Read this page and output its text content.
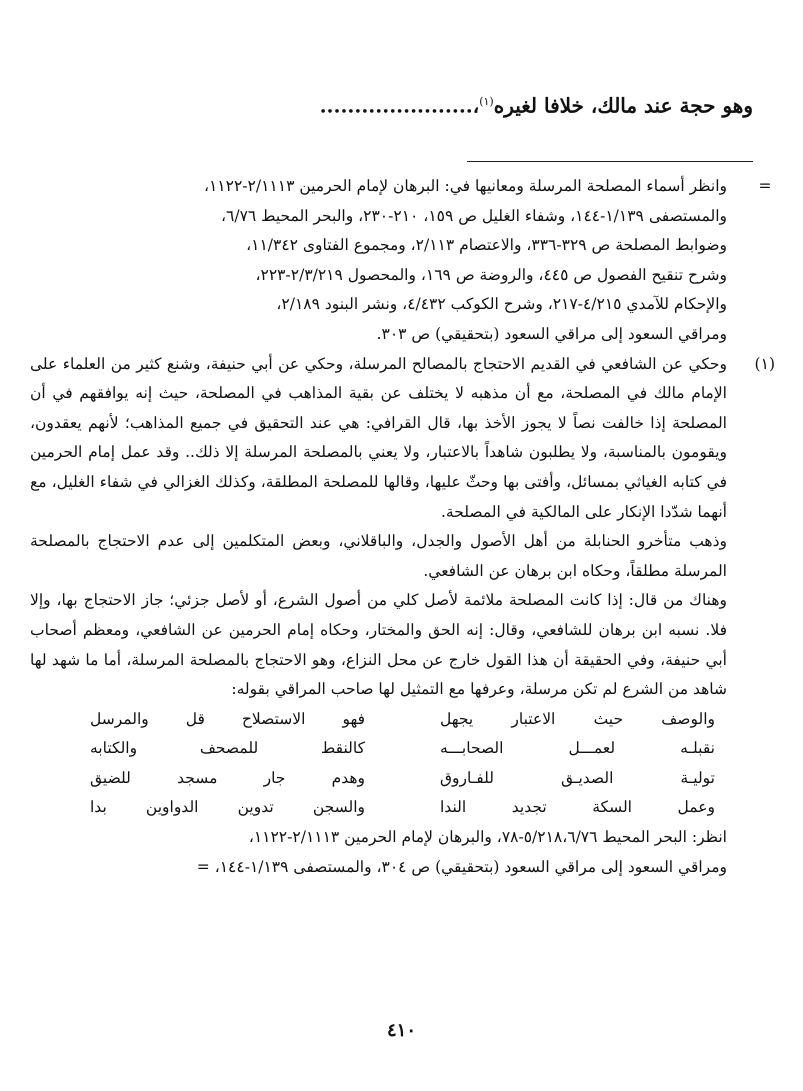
وهو حجة عند مالك، خلافا لغيره$^{(١)}$،......................
=

وانظر أسماء المصلحة المرسلة ومعانيها في: البرهان لإمام الحرمين ٢/١١١٣-١١٢٢،

والمستصفى ١/١٣٩-١٤٤، وشفاء الغليل ص ١٥٩، ٢١٠-٢٣٠، والبحر المحيط ٦/٧٦،

وضوابط المصلحة ص ٣٢٩-٣٣٦، والاعتصام ٢/١١٣، ومجموع الفتاوى ١١/٣٤٢،

وشرح تنقيح الفصول ص ٤٤٥، والروضة ص ١٦٩، والمحصول ٢/٣/٢١٩-٢٢٣،

والإحكام للآمدي ٤/٢١٥-٢١٧، وشرح الكوكب ٤/٤٣٢، ونشر البنود ٢/١٨٩،

ومراقي السعود إلى مراقي السعود (بتحقيقي) ص ٣٠٣.

(١)

وحكي عن الشافعي في القديم الاحتجاج بالمصالح المرسلة، وحكي عن أبي حنيفة، وشنع كثير من العلماء على الإمام مالك في المصلحة، مع أن مذهبه لا يختلف عن بقية المذاهب في المصلحة، حيث إنه يوافقهم في أن المصلحة إذا خالفت نصاً لا يجوز الأخذ بها، قال القرافي: هي عند التحقيق في جميع المذاهب؛ لأنهم يعقدون، ويقومون بالمناسبة، ولا يطلبون شاهداً بالاعتبار، ولا يعني بالمصلحة المرسلة إلا ذلك.. وقد عمل إمام الحرمين في كتابه الغياثي بمسائل، وأفتى بها وحثّ عليها، وقالها للمصلحة المطلقة، وكذلك الغزالي في شفاء الغليل، مع أنهما شدّدا الإنكار على المالكية في المصلحة.

وذهب متأخرو الحنابلة من أهل الأصول والجدل، والباقلاني، وبعض المتكلمين إلى عدم الاحتجاج بالمصلحة المرسلة مطلقاً، وحكاه ابن برهان عن الشافعي.

وهناك من قال: إذا كانت المصلحة ملائمة لأصل كلي من أصول الشرع، أو لأصل جزئي؛ جاز الاحتجاج بها، وإلا فلا. نسبه ابن برهان للشافعي، وقال: إنه الحق والمختار، وحكاه إمام الحرمين عن الشافعي، ومعظم أصحاب أبي حنيفة، وفي الحقيقة أن هذا القول خارج عن محل النزاع، وهو الاحتجاج بالمصلحة المرسلة، أما ما شهد لها شاهد من الشرع لم تكن مرسلة، وعرفها مع التمثيل لها صاحب المراقي بقوله:

والوصف حيث الاعتبار يجهل
فهو الاستصلاح قل والمرسل
نقبلـه لعمـــل الصحابـــه
كالنقط للمصحف والكتابه
توليـة الصديـق للفـاروق
وهدم جار مسجد للضيق
وعمل السكة تجديد الندا
والسجن تدوين الدواوين بدا

انظر: البحر المحيط ٥/٢١٨،٦/٧٦-٧٨، والبرهان لإمام الحرمين ٢/١١١٣-١١٢٢،

ومراقي السعود إلى مراقي السعود (بتحقيقي) ص ٣٠٤، والمستصفى ١/١٣٩-١٤٤، =

٤١٠
